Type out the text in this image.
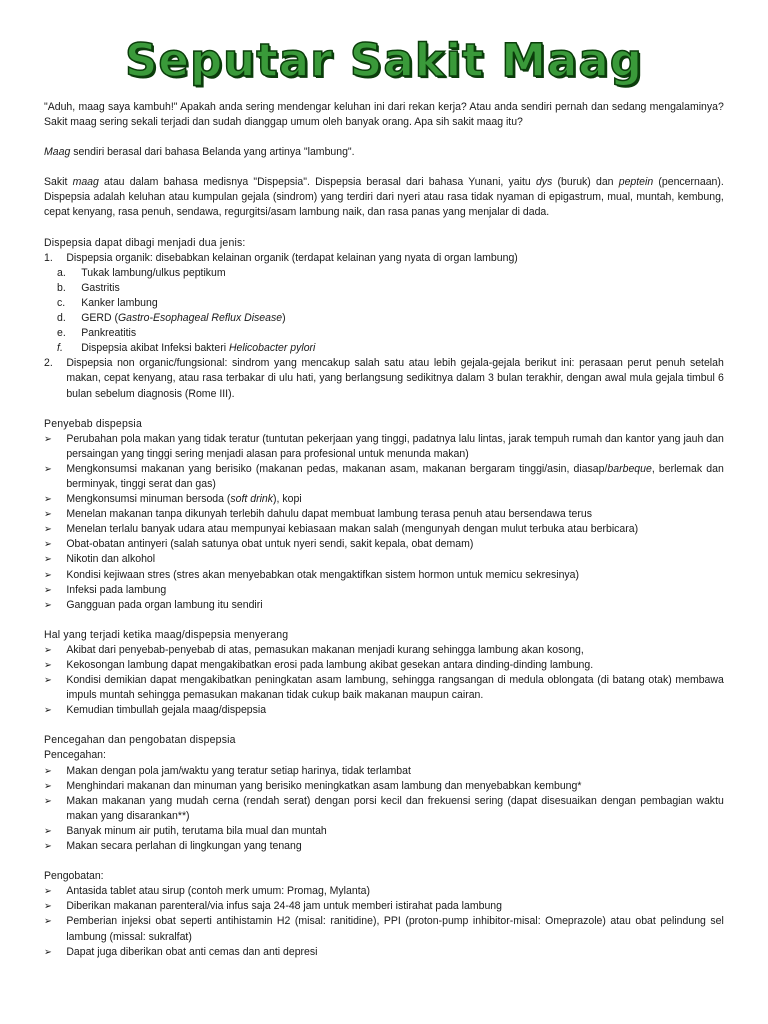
Seputar Sakit Maag

"Aduh, maag saya kambuh!" Apakah anda sering mendengar keluhan ini dari rekan kerja? Atau anda sendiri pernah dan sedang mengalaminya? Sakit maag sering sekali terjadi dan sudah dianggap umum oleh banyak orang. Apa sih sakit maag itu?

Maag sendiri berasal dari bahasa Belanda yang artinya "lambung".

Sakit maag atau dalam bahasa medisnya "Dispepsia". Dispepsia berasal dari bahasa Yunani, yaitu dys (buruk) dan peptein (pencernaan). Dispepsia adalah keluhan atau kumpulan gejala (sindrom) yang terdiri dari nyeri atau rasa tidak nyaman di epigastrum, mual, muntah, kembung, cepat kenyang, rasa penuh, sendawa, regurgitsi/asam lambung naik, dan rasa panas yang menjalar di dada.

Dispepsia dapat dibagi menjadi dua jenis:
1.	Dispepsia organik: disebabkan kelainan organik (terdapat kelainan yang nyata di organ lambung)
a.	Tukak lambung/ulkus peptikum
b.	Gastritis
c.	Kanker lambung
d.	GERD (Gastro-Esophageal Reflux Disease)
e.	Pankreatitis
f.	Dispepsia akibat Infeksi bakteri Helicobacter pylori
2.	Dispepsia non organic/fungsional: sindrom yang mencakup salah satu atau lebih gejala-gejala berikut ini: perasaan perut penuh setelah makan, cepat kenyang, atau rasa terbakar di ulu hati, yang berlangsung sedikitnya dalam 3 bulan terakhir, dengan awal mula gejala timbul 6 bulan sebelum diagnosis (Rome III).
Penyebab dispepsia
➢	Perubahan pola makan yang tidak teratur (tuntutan pekerjaan yang tinggi, padatnya lalu lintas, jarak tempuh rumah dan kantor yang jauh dan persaingan yang tinggi sering menjadi alasan para profesional untuk menunda makan)
➢	Mengkonsumsi makanan yang berisiko (makanan pedas, makanan asam, makanan bergaram tinggi/asin, diasap/barbeque, berlemak dan berminyak, tinggi serat dan gas)
➢	Mengkonsumsi minuman bersoda (soft drink), kopi
➢	Menelan makanan tanpa dikunyah terlebih dahulu dapat membuat lambung terasa penuh atau bersendawa terus
➢	Menelan terlalu banyak udara atau mempunyai kebiasaan makan salah (mengunyah dengan mulut terbuka atau berbicara)
➢	Obat-obatan antinyeri (salah satunya obat untuk nyeri sendi, sakit kepala, obat demam)
➢	Nikotin dan alkohol
➢	Kondisi kejiwaan stres (stres akan menyebabkan otak mengaktifkan sistem hormon untuk memicu sekresinya)
➢	Infeksi pada lambung
➢	Gangguan pada organ lambung itu sendiri
Hal yang terjadi ketika maag/dispepsia menyerang
➢	Akibat dari penyebab-penyebab di atas, pemasukan makanan menjadi kurang sehingga lambung akan kosong,
➢	Kekosongan lambung dapat mengakibatkan erosi pada lambung akibat gesekan antara dinding-dinding lambung.
➢	Kondisi demikian dapat mengakibatkan peningkatan asam lambung, sehingga rangsangan di medula oblongata (di batang otak) membawa impuls muntah sehingga pemasukan makanan tidak cukup baik makanan maupun cairan.
➢	Kemudian timbullah gejala maag/dispepsia
Pencegahan dan pengobatan dispepsia
Pencegahan:
➢	Makan dengan pola jam/waktu yang teratur setiap harinya, tidak terlambat
➢	Menghindari makanan dan minuman yang berisiko meningkatkan asam lambung dan menyebabkan kembung*
➢	Makan makanan yang mudah cerna (rendah serat) dengan porsi kecil dan frekuensi sering (dapat disesuaikan dengan pembagian waktu makan yang disarankan**)
➢	Banyak minum air putih, terutama bila mual dan muntah
➢	Makan secara perlahan di lingkungan yang tenang
Pengobatan:
➢	Antasida tablet atau sirup (contoh merk umum: Promag, Mylanta)
➢	Diberikan makanan parenteral/via infus saja 24-48 jam untuk memberi istirahat pada lambung
➢	Pemberian injeksi obat seperti antihistamin H2 (misal: ranitidine), PPI (proton-pump inhibitor-misal: Omeprazole) atau obat pelindung sel lambung (missal: sukralfat)
➢	Dapat juga diberikan obat anti cemas dan anti depresi
